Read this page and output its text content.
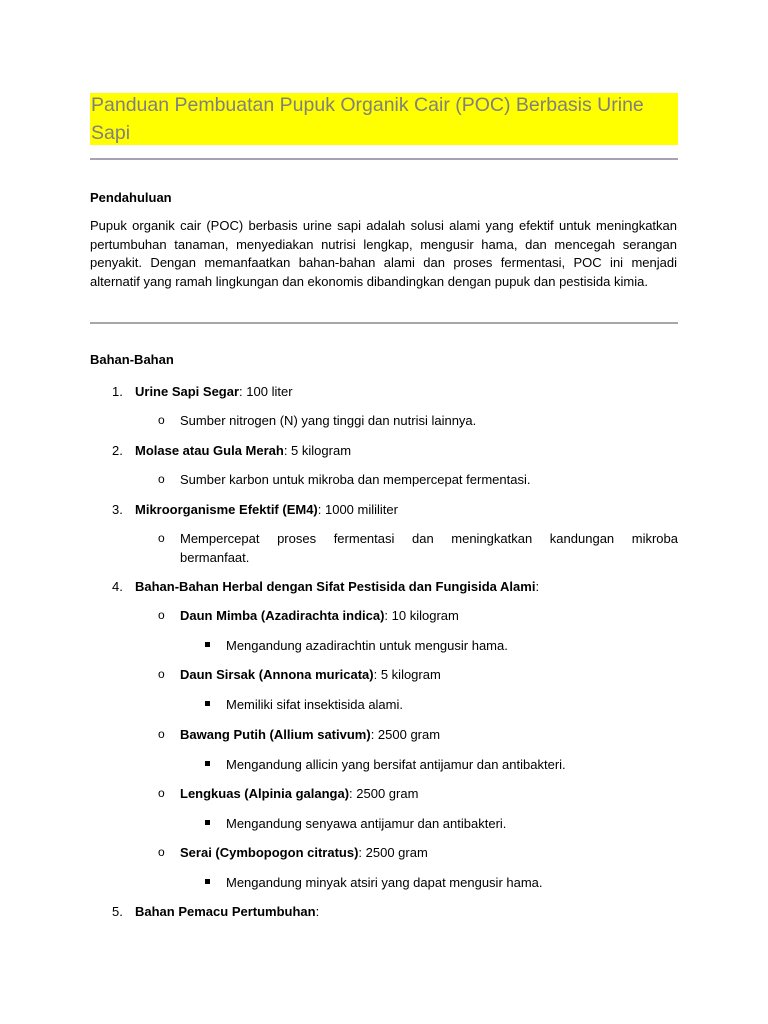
Panduan Pembuatan Pupuk Organik Cair (POC) Berbasis Urine Sapi
Pendahuluan

Pupuk organik cair (POC) berbasis urine sapi adalah solusi alami yang efektif untuk meningkatkan pertumbuhan tanaman, menyediakan nutrisi lengkap, mengusir hama, dan mencegah serangan penyakit. Dengan memanfaatkan bahan-bahan alami dan proses fermentasi, POC ini menjadi alternatif yang ramah lingkungan dan ekonomis dibandingkan dengan pupuk dan pestisida kimia.

Bahan-Bahan
1. Urine Sapi Segar: 100 liter
o Sumber nitrogen (N) yang tinggi dan nutrisi lainnya.
2. Molase atau Gula Merah: 5 kilogram
o Sumber karbon untuk mikroba dan mempercepat fermentasi.
3. Mikroorganisme Efektif (EM4): 1000 mililiter
o Mempercepat proses fermentasi dan meningkatkan kandungan mikroba
bermanfaat.
4. Bahan-Bahan Herbal dengan Sifat Pestisida dan Fungisida Alami:
o Daun Mimba (Azadirachta indica): 10 kilogram
Mengandung azadirachtin untuk mengusir hama.
o Daun Sirsak (Annona muricata): 5 kilogram
Memiliki sifat insektisida alami.
o Bawang Putih (Allium sativum): 2500 gram
Mengandung allicin yang bersifat antijamur dan antibakteri.
o Lengkuas (Alpinia galanga): 2500 gram
Mengandung senyawa antijamur dan antibakteri.
o Serai (Cymbopogon citratus): 2500 gram
Mengandung minyak atsiri yang dapat mengusir hama.
5. Bahan Pemacu Pertumbuhan:
